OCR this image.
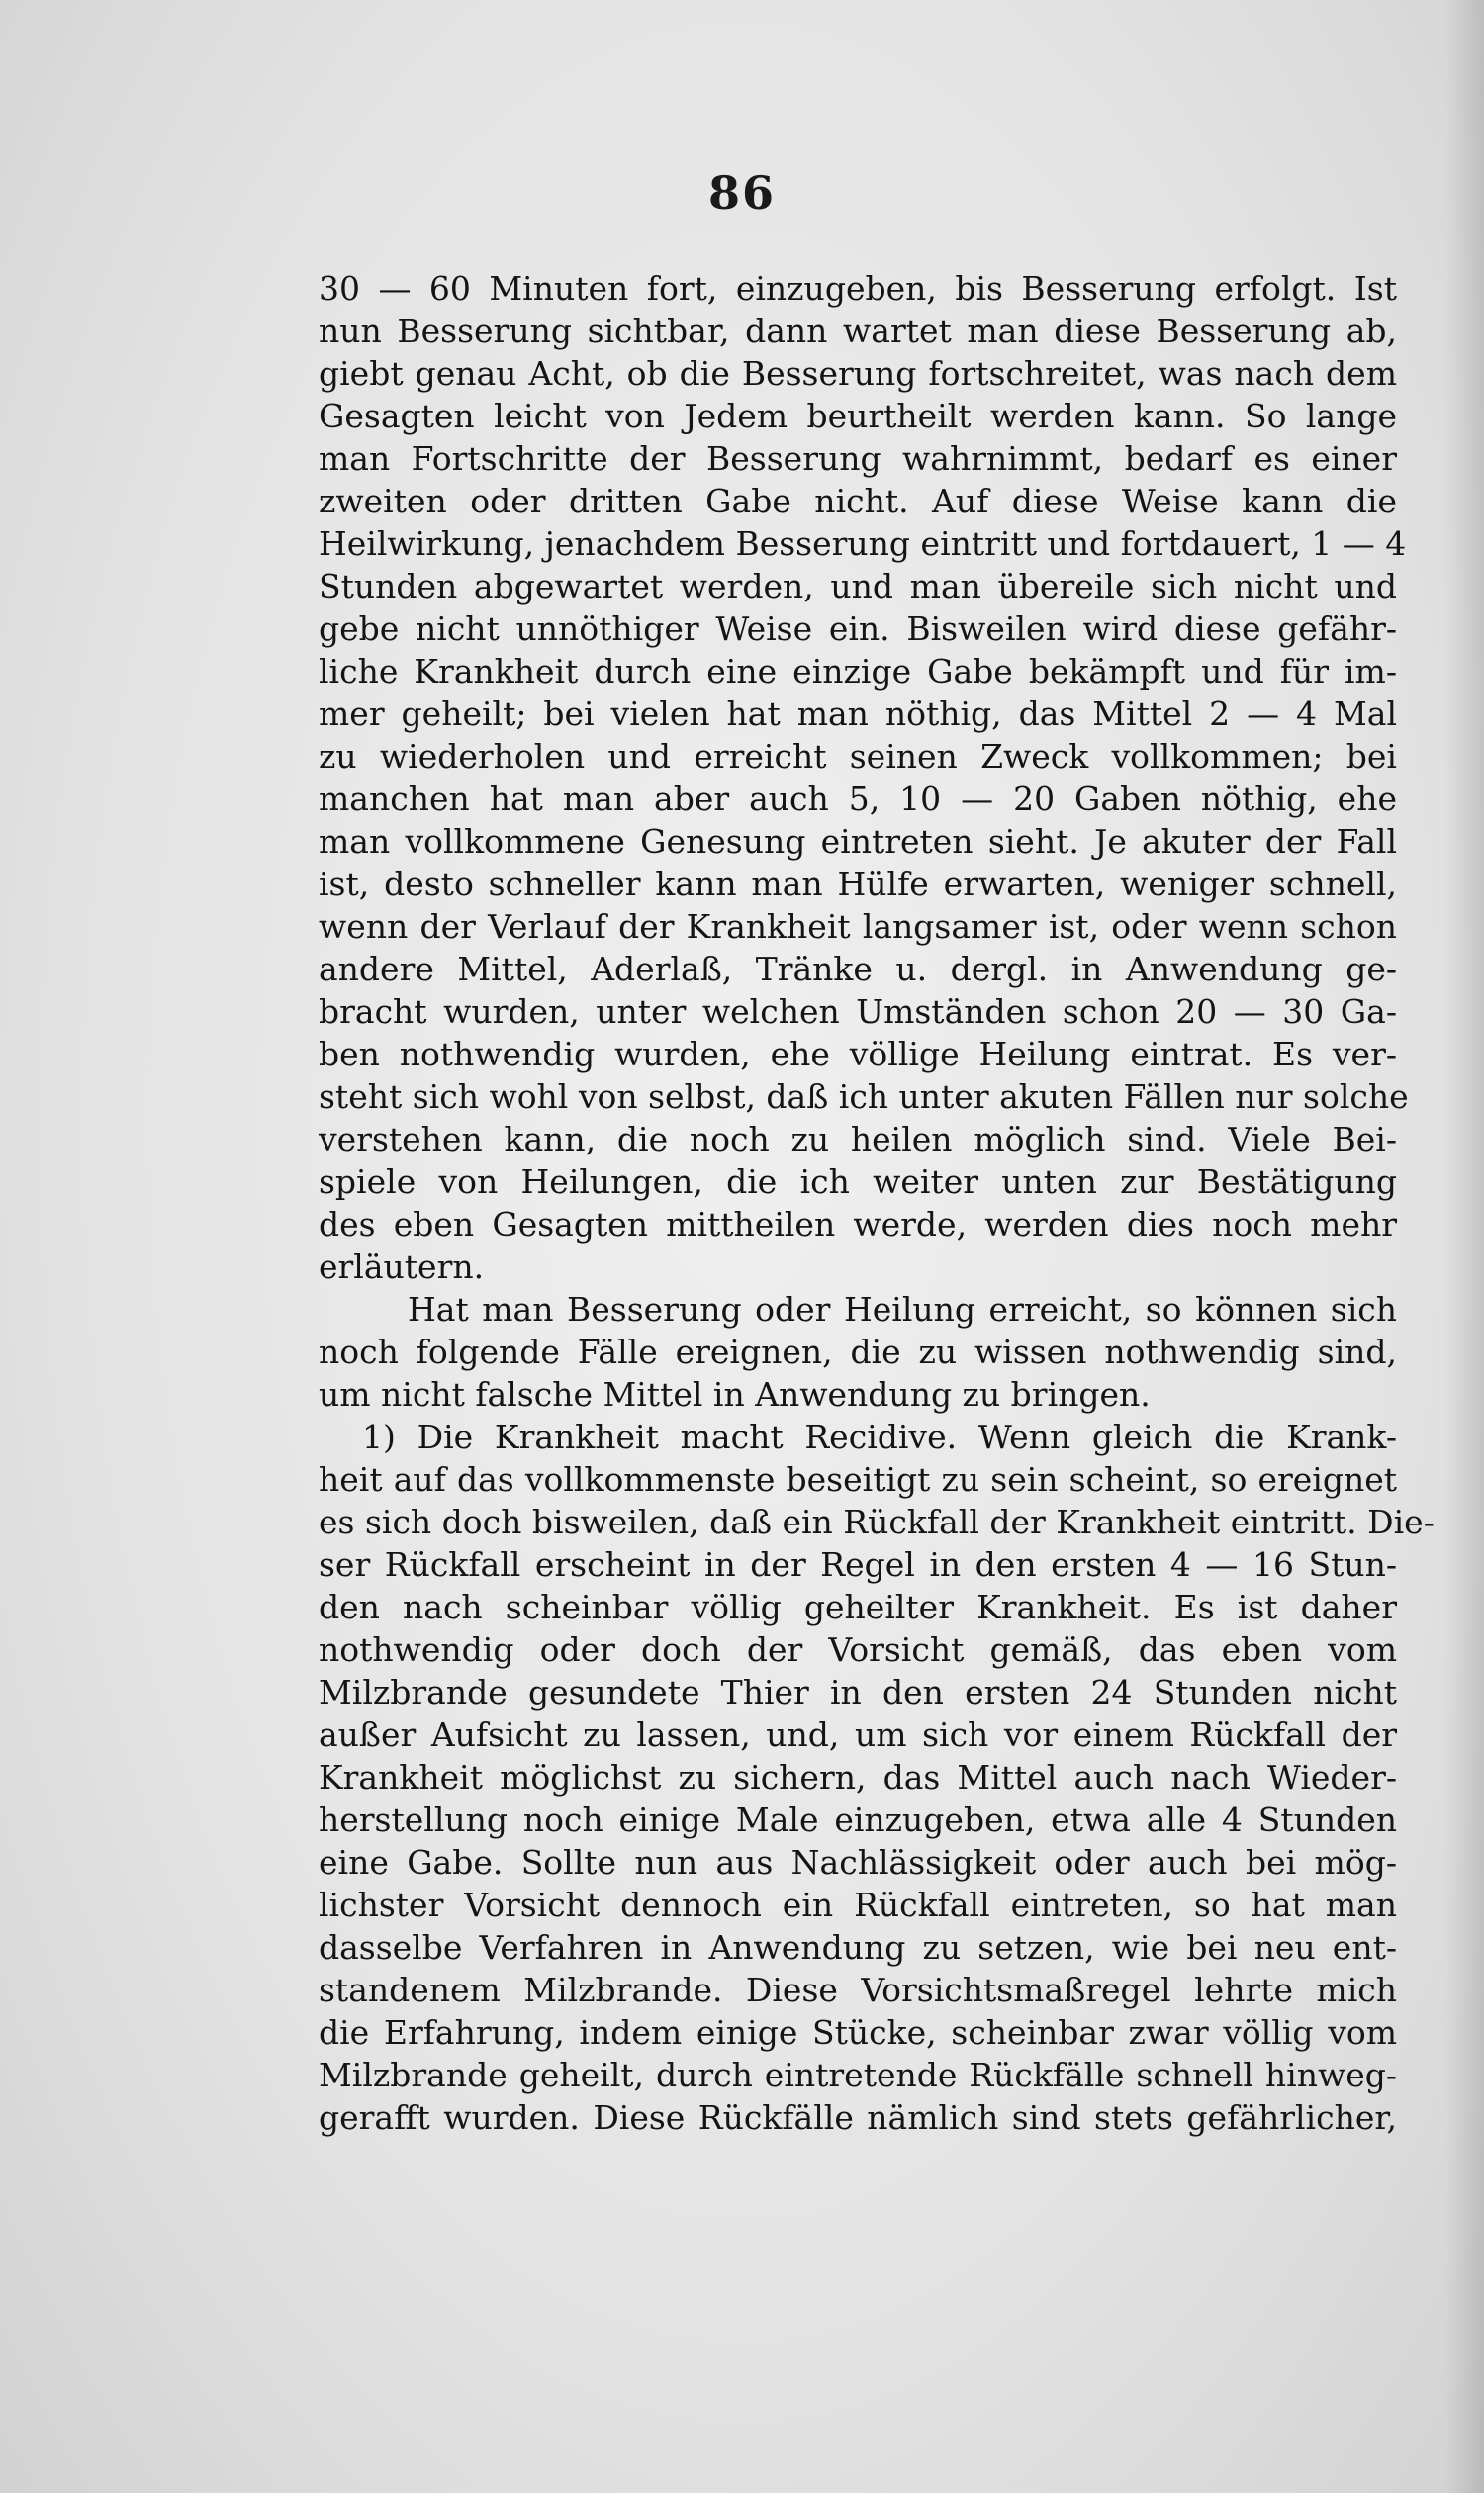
86
30 — 60 Minuten fort, einzugeben, bis Besserung erfolgt. Ist
nun Besserung sichtbar, dann wartet man diese Besserung ab,
giebt genau Acht, ob die Besserung fortschreitet, was nach dem
Gesagten leicht von Jedem beurtheilt werden kann. So lange
man Fortschritte der Besserung wahrnimmt, bedarf es einer
zweiten oder dritten Gabe nicht. Auf diese Weise kann die
Heilwirkung, jenachdem Besserung eintritt und fortdauert, 1 — 4
Stunden abgewartet werden, und man übereile sich nicht und
gebe nicht unnöthiger Weise ein. Bisweilen wird diese gefähr-
liche Krankheit durch eine einzige Gabe bekämpft und für im-
mer geheilt; bei vielen hat man nöthig, das Mittel 2 — 4 Mal
zu wiederholen und erreicht seinen Zweck vollkommen; bei
manchen hat man aber auch 5, 10 — 20 Gaben nöthig, ehe
man vollkommene Genesung eintreten sieht. Je akuter der Fall
ist, desto schneller kann man Hülfe erwarten, weniger schnell,
wenn der Verlauf der Krankheit langsamer ist, oder wenn schon
andere Mittel, Aderlaß, Tränke u. dergl. in Anwendung ge-
bracht wurden, unter welchen Umständen schon 20 — 30 Ga-
ben nothwendig wurden, ehe völlige Heilung eintrat. Es ver-
steht sich wohl von selbst, daß ich unter akuten Fällen nur solche
verstehen kann, die noch zu heilen möglich sind. Viele Bei-
spiele von Heilungen, die ich weiter unten zur Bestätigung
des eben Gesagten mittheilen werde, werden dies noch mehr
erläutern.
Hat man Besserung oder Heilung erreicht, so können sich
noch folgende Fälle ereignen, die zu wissen nothwendig sind,
um nicht falsche Mittel in Anwendung zu bringen.
1) Die Krankheit macht Recidive. Wenn gleich die Krank-
heit auf das vollkommenste beseitigt zu sein scheint, so ereignet
es sich doch bisweilen, daß ein Rückfall der Krankheit eintritt. Die-
ser Rückfall erscheint in der Regel in den ersten 4 — 16 Stun-
den nach scheinbar völlig geheilter Krankheit. Es ist daher
nothwendig oder doch der Vorsicht gemäß, das eben vom
Milzbrande gesundete Thier in den ersten 24 Stunden nicht
außer Aufsicht zu lassen, und, um sich vor einem Rückfall der
Krankheit möglichst zu sichern, das Mittel auch nach Wieder-
herstellung noch einige Male einzugeben, etwa alle 4 Stunden
eine Gabe. Sollte nun aus Nachlässigkeit oder auch bei mög-
lichster Vorsicht dennoch ein Rückfall eintreten, so hat man
dasselbe Verfahren in Anwendung zu setzen, wie bei neu ent-
standenem Milzbrande. Diese Vorsichtsmaßregel lehrte mich
die Erfahrung, indem einige Stücke, scheinbar zwar völlig vom
Milzbrande geheilt, durch eintretende Rückfälle schnell hinweg-
gerafft wurden. Diese Rückfälle nämlich sind stets gefährlicher,
